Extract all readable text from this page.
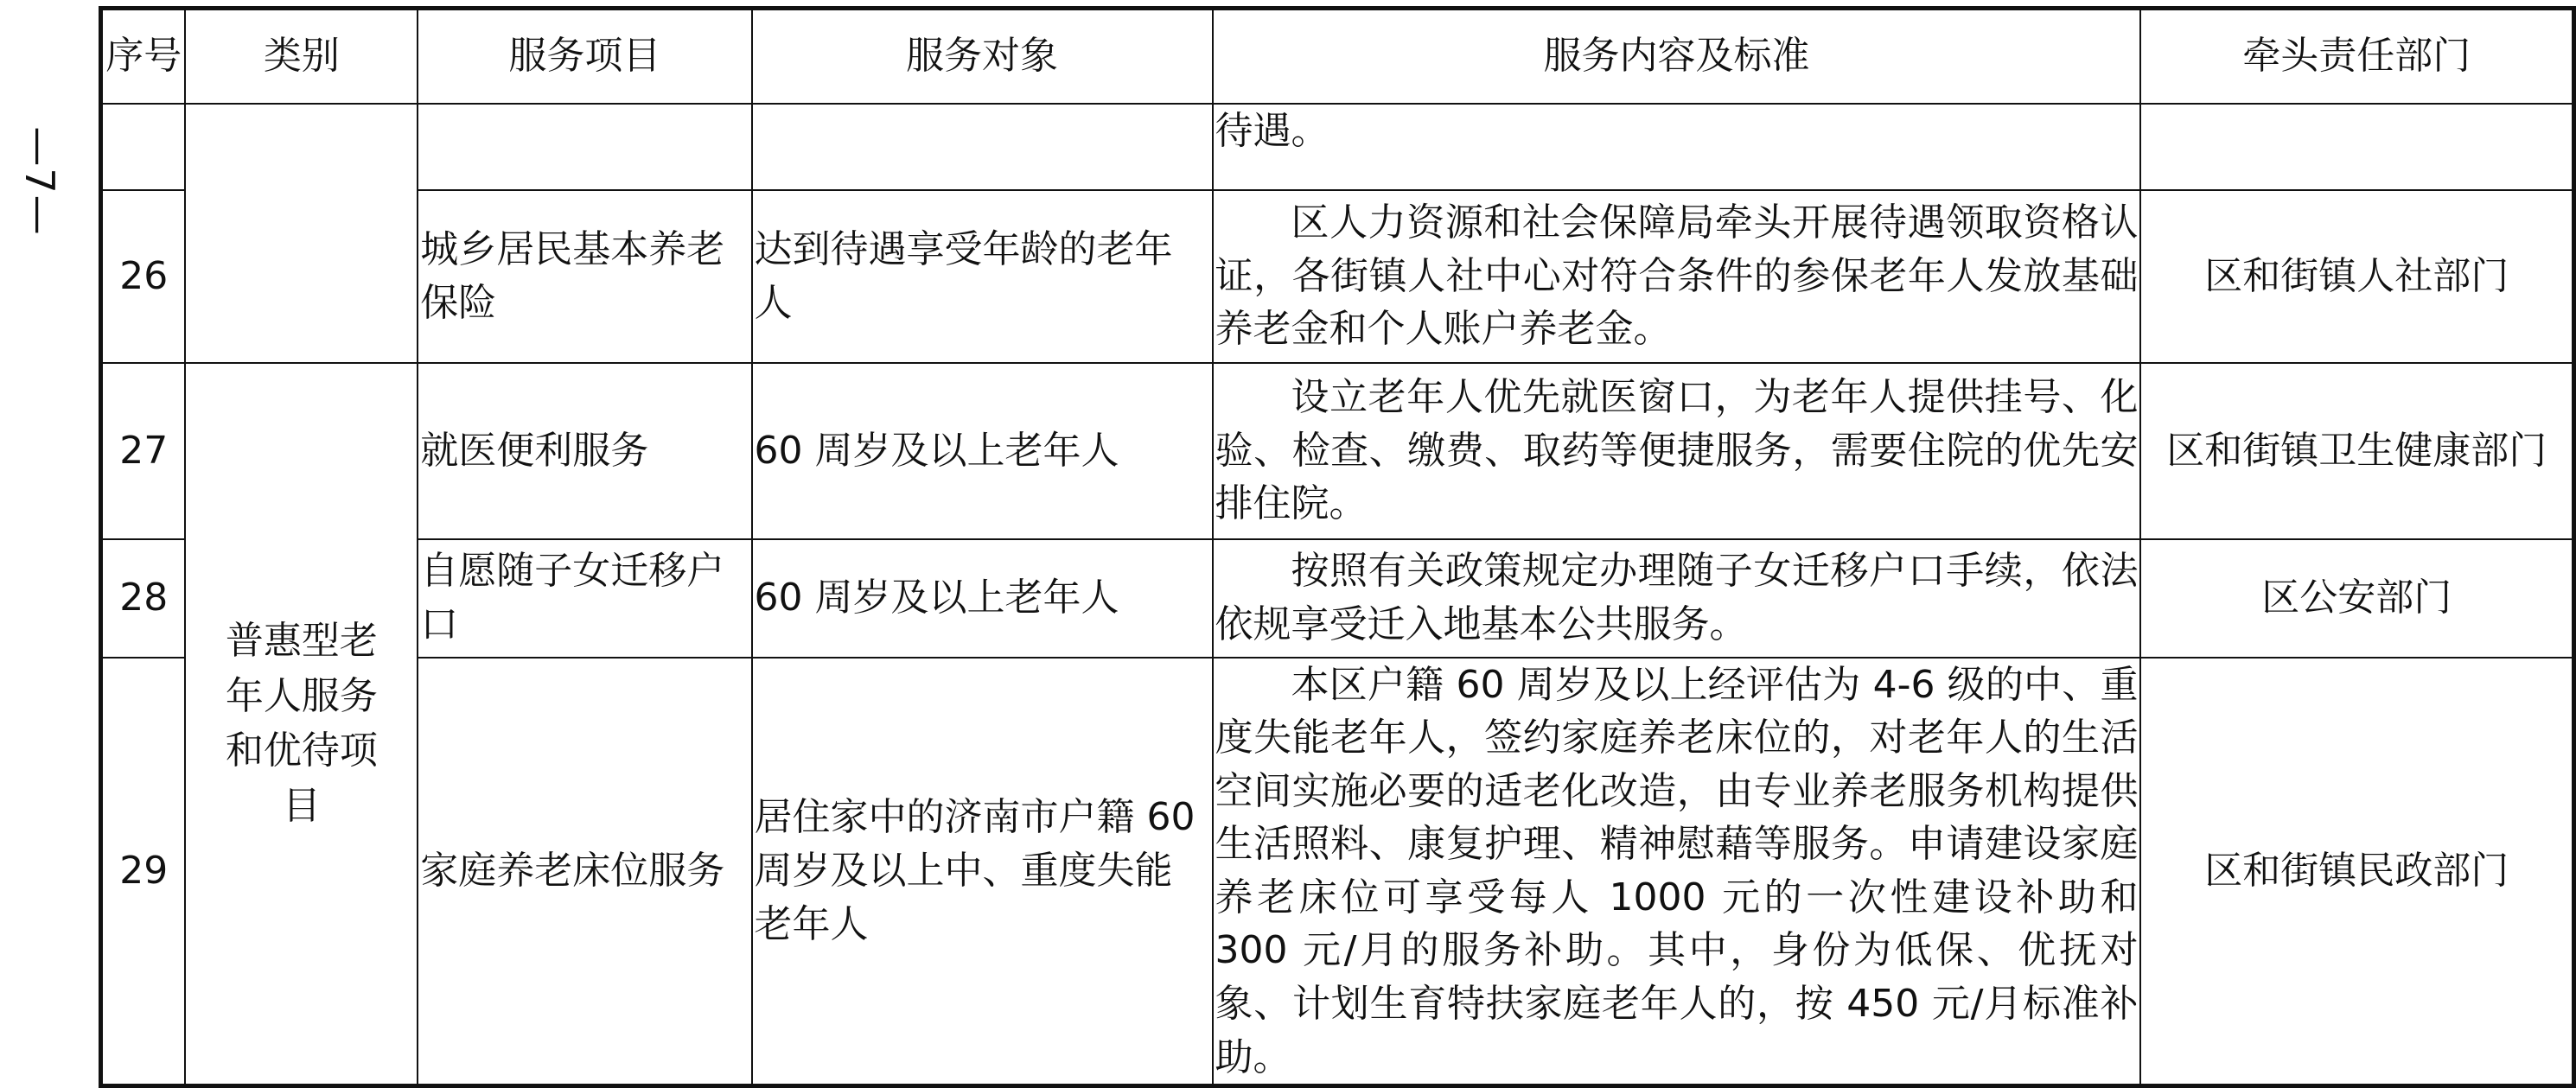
—7—
序号	类别	服务项目	服务对象	服务内容及标准	牵头责任部门
				待遇。	
26		城乡居民基本养老保险	达到待遇享受年龄的老年人	区人力资源和社会保障局牵头开展待遇领取资格认证，各街镇人社中心对符合条件的参保老年人发放基础养老金和个人账户养老金。	区和街镇人社部门
27	普惠型老年人服务和优待项目	就医便利服务	60 周岁及以上老年人	设立老年人优先就医窗口，为老年人提供挂号、化验、检查、缴费、取药等便捷服务，需要住院的优先安排住院。	区和街镇卫生健康部门
28		自愿随子女迁移户口	60 周岁及以上老年人	按照有关政策规定办理随子女迁移户口手续，依法依规享受迁入地基本公共服务。	区公安部门
29		家庭养老床位服务	居住家中的济南市户籍 60 周岁及以上中、重度失能老年人	本区户籍 60 周岁及以上经评估为 4-6 级的中、重度失能老年人，签约家庭养老床位的，对老年人的生活空间实施必要的适老化改造，由专业养老服务机构提供生活照料、康复护理、精神慰藉等服务。申请建设家庭养老床位可享受每人 1000 元的一次性建设补助和 300 元/月的服务补助。其中，身份为低保、优抚对象、计划生育特扶家庭老年人的，按 450 元/月标准补助。	区和街镇民政部门
